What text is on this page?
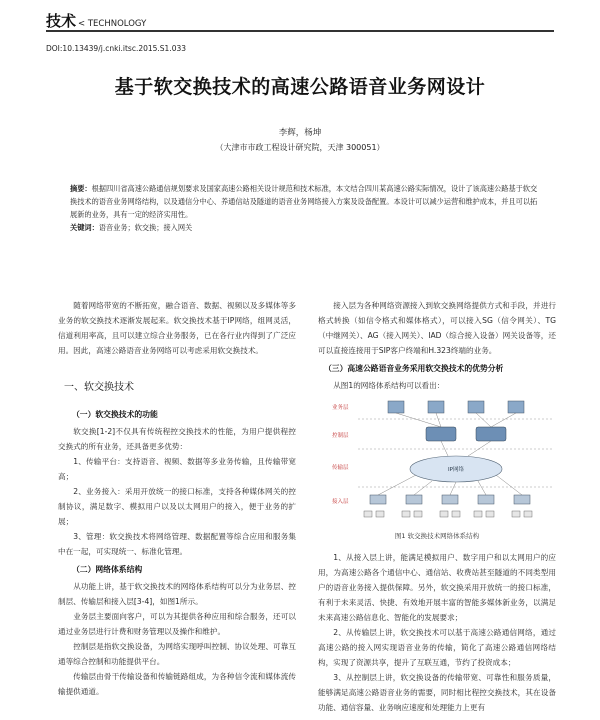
技术 < TECHNOLOGY
DOI:10.13439/j.cnki.itsc.2015.S1.033
基于软交换技术的高速公路语音业务网设计
李辉，杨坤
（大津市市政工程设计研究院，天津 300051）
摘要：根据四川省高速公路通信规划要求及国家高速公路相关设计规范和技术标准，本文结合四川某高速公路实际情况，设计了该高速公路基于软交换技术的语音业务网络结构，以及通信分中心、养通信站及隧道的语音业务网络接入方案及设备配置。本设计可以减少运营和维护成本，并且可以拓展新的业务，具有一定的经济实用性。
关键词：语音业务；软交换；接入网关

随着网络带宽的不断拓宽，融合语音、数据、视频以及多媒体等多业务的软交换技术逐渐发展起来。软交换技术基于IP网络，组网灵活，信道利用率高，且可以建立综合业务服务，已在各行业内得到了广泛应用。因此，高速公路语音业务网络可以考虑采用软交换技术。

一、软交换技术
（一）软交换技术的功能

软交换[1-2]不仅具有传统程控交换技术的性能，为用户提供程控交换式的所有业务，还具备更多优势：

1、传输平台：支持语音、视频、数据等多业务传输，且传输带宽高；

2、业务接入：采用开放统一的接口标准，支持各种媒体网关的控制协议，满足数字、模拟用户以及以太网用户的接入，便于业务的扩展；

3、管理：软交换技术将网络管理、数据配置等综合应用和服务集中在一起，可实现统一、标准化管理。

（二）网络体系结构

从功能上讲，基于软交换技术的网络体系结构可以分为业务层、控制层、传输层和接入层[3-4]，如图1所示。

业务层主要面向客户，可以为其提供各种应用和综合服务，还可以通过业务层进行计费和财务管理以及操作和维护。

控制层是指软交换设备，为网络实现呼叫控制、协议处理、可靠互通等综合控制和功能提供平台。

传输层由骨干传输设备和传输链路组成，为各种信令流和媒体流传输提供通道。

接入层为各种网络资源接入到软交换网络提供方式和手段，并进行格式转换（如信令格式和媒体格式），可以接入SG（信令网关）、TG（中继网关）、AG（接入网关）、IAD（综合接入设备）网关设备等，还可以直接连接用于SIP客户终端和H.323终端的业务。

（三）高速公路语音业务采用软交换技术的优势分析

从图1的网络体系结构可以看出：

业务层
控制层
传输层
接入层
IP网络
图1 软交换技术网络体系结构

1、从接入层上讲，能满足模拟用户、数字用户和以太网用户的应用，为高速公路各个通信中心、通信站、收费站甚至隧道的不同类型用户的语音业务接入提供保障。另外，软交换采用开放统一的接口标准，有利于未来灵活、快捷、有效地开展丰富的智能多媒体新业务，以满足未来高速公路信息化、智能化的发展要求；

2、从传输层上讲，软交换技术可以基于高速公路通信网络，通过高速公路的接入网实现语音业务的传输，简化了高速公路通信网络结构，实现了资源共享，提升了互联互通，节约了投资成本；

3、从控制层上讲，软交换设备的传输带宽、可靠性和服务质量，能够满足高速公路语音业务的需要，同时相比程控交换技术，其在设备功能、通信容量、业务响应速度和处理能力上更有
